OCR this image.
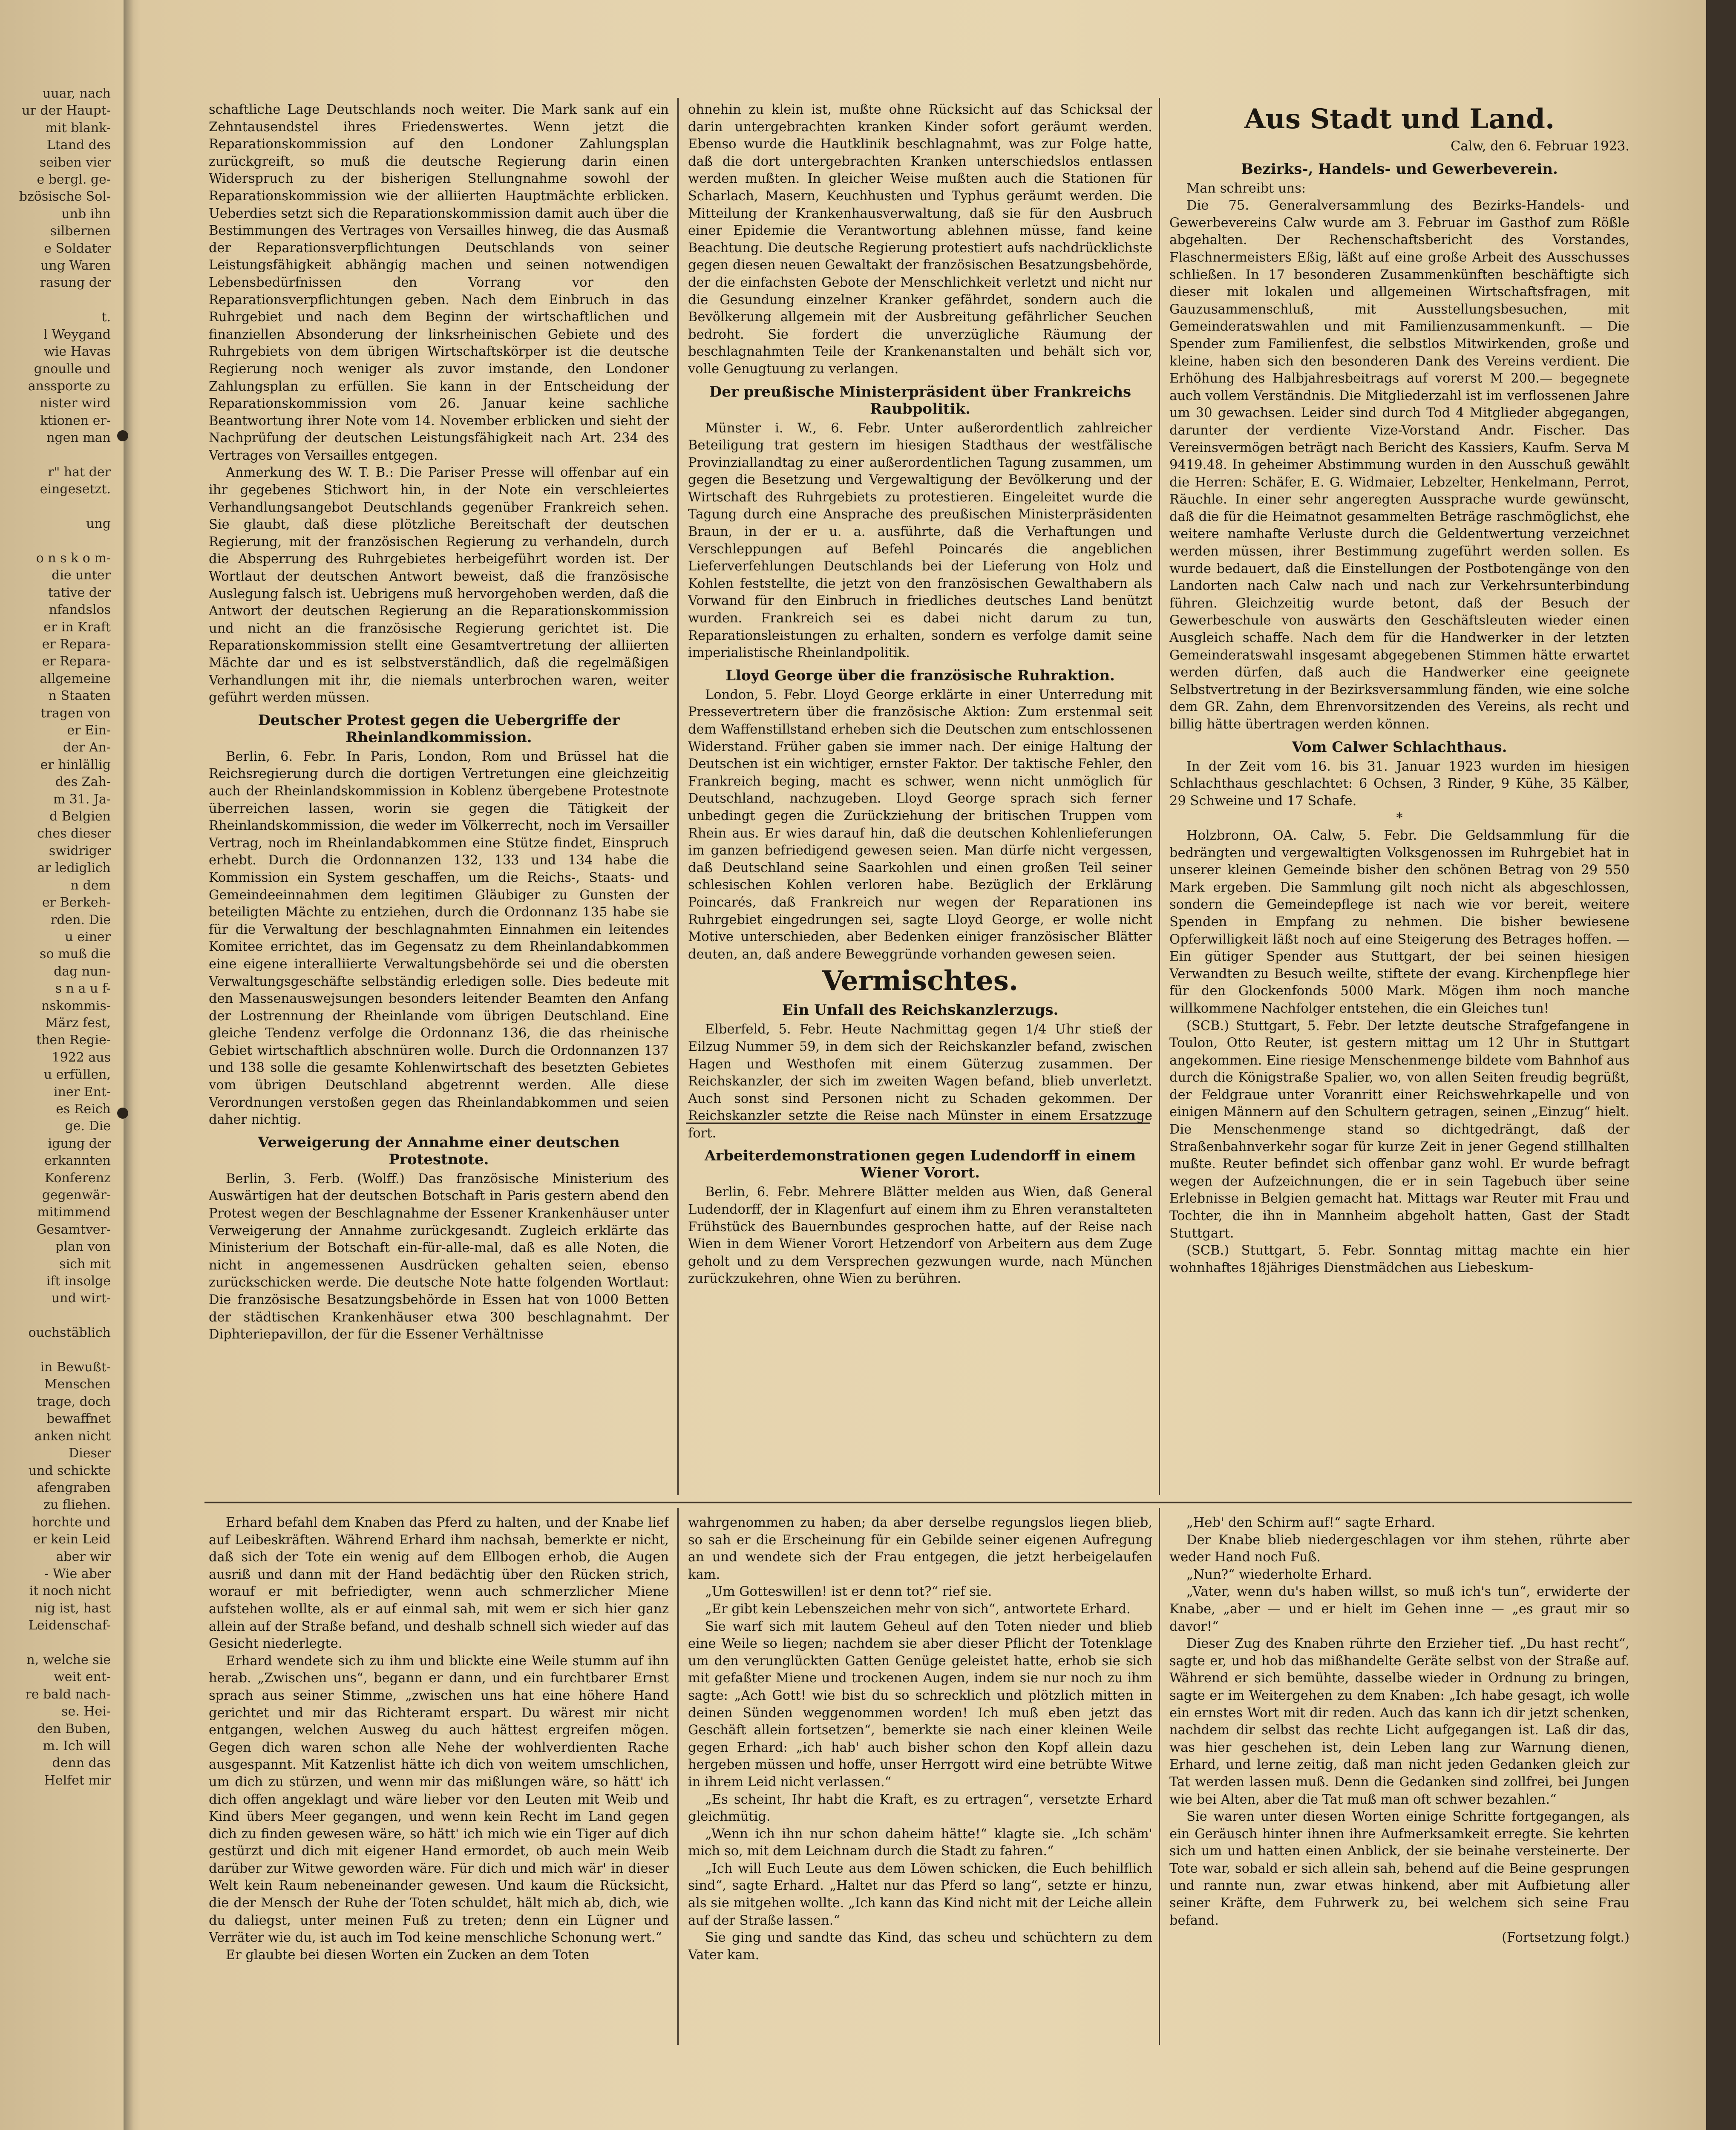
uuar, nach
ur der Haupt-
mit blank-
Ltand des
seiben vier
e bergl. ge-
bzösische Sol-
unb ihn
silbernen
e Soldater
ung Waren
rasung der

t.
l Weygand
wie Havas
gnoulle und
anssporte zu
nister wird
ktionen er-
ngen man

r" hat der
eingesetzt.

ung

o n s k o m-
die unter
tative der
nfandslos
er in Kraft
er Repara-
er Repara-
allgemeine
n Staaten
tragen von
er Ein-
der An-
er hinlällig
des Zah-
m 31. Ja-
d Belgien
ches dieser
swidriger
ar lediglich
n dem
er Berkeh-
rden. Die
u einer
so muß die
dag nun-
s n a u f-
nskommis-
März fest,
then Regie-
1922 aus
u erfüllen,
iner Ent-
es Reich
ge. Die
igung der
erkannten
Konferenz
gegenwär-
mitimmend
Gesamtver-
plan von
sich mit
ift insolge
und wirt-

ouchstäblich

in Bewußt-
Menschen
trage, doch
bewaffnet
anken nicht
Dieser
und schickte
afengraben
zu fliehen.
horchte und
er kein Leid
aber wir
- Wie aber
it noch nicht
nig ist, hast
Leidenschaf-

n, welche sie
weit ent-
re bald nach-
se. Hei-
den Buben,
m. Ich will
denn das
Helfet mir

schaftliche Lage Deutschlands noch weiter. Die Mark sank auf ein Zehntausendstel ihres Friedenswertes. Wenn jetzt die Reparationskommission auf den Londoner Zahlungsplan zurückgreift, so muß die deutsche Regierung darin einen Widerspruch zu der bisherigen Stellungnahme sowohl der Reparationskommission wie der alliierten Hauptmächte erblicken. Ueberdies setzt sich die Reparationskommission damit auch über die Bestimmungen des Vertrages von Versailles hinweg, die das Ausmaß der Reparationsverpflichtungen Deutschlands von seiner Leistungsfähigkeit abhängig machen und seinen notwendigen Lebensbedürfnissen den Vorrang vor den Reparationsverpflichtungen geben. Nach dem Einbruch in das Ruhrgebiet und nach dem Beginn der wirtschaftlichen und finanziellen Absonderung der linksrheinischen Gebiete und des Ruhrgebiets von dem übrigen Wirtschaftskörper ist die deutsche Regierung noch weniger als zuvor imstande, den Londoner Zahlungsplan zu erfüllen. Sie kann in der Entscheidung der Reparationskommission vom 26. Januar keine sachliche Beantwortung ihrer Note vom 14. November erblicken und sieht der Nachprüfung der deutschen Leistungsfähigkeit nach Art. 234 des Vertrages von Versailles entgegen.

Anmerkung des W. T. B.: Die Pariser Presse will offenbar auf ein ihr gegebenes Stichwort hin, in der Note ein verschleiertes Verhandlungsangebot Deutschlands gegenüber Frankreich sehen. Sie glaubt, daß diese plötzliche Bereitschaft der deutschen Regierung, mit der französischen Regierung zu verhandeln, durch die Absperrung des Ruhrgebietes herbeigeführt worden ist. Der Wortlaut der deutschen Antwort beweist, daß die französische Auslegung falsch ist. Uebrigens muß hervorgehoben werden, daß die Antwort der deutschen Regierung an die Reparationskommission und nicht an die französische Regierung gerichtet ist. Die Reparationskommission stellt eine Gesamtvertretung der alliierten Mächte dar und es ist selbstverständlich, daß die regelmäßigen Verhandlungen mit ihr, die niemals unterbrochen waren, weiter geführt werden müssen.

Deutscher Protest gegen die Uebergriffe der Rheinlandkommission.

Berlin, 6. Febr. In Paris, London, Rom und Brüssel hat die Reichsregierung durch die dortigen Vertretungen eine gleichzeitig auch der Rheinlandskommission in Koblenz übergebene Protestnote überreichen lassen, worin sie gegen die Tätigkeit der Rheinlandskommission, die weder im Völkerrecht, noch im Versailler Vertrag, noch im Rheinlandabkommen eine Stütze findet, Einspruch erhebt. Durch die Ordonnanzen 132, 133 und 134 habe die Kommission ein System geschaffen, um die Reichs-, Staats- und Gemeindeeinnahmen dem legitimen Gläubiger zu Gunsten der beteiligten Mächte zu entziehen, durch die Ordonnanz 135 habe sie für die Verwaltung der beschlagnahmten Einnahmen ein leitendes Komitee errichtet, das im Gegensatz zu dem Rheinlandabkommen eine eigene interalliierte Verwaltungsbehörde sei und die obersten Verwaltungsgeschäfte selbständig erledigen solle. Dies bedeute mit den Massenauswejsungen besonders leitender Beamten den Anfang der Lostrennung der Rheinlande vom übrigen Deutschland. Eine gleiche Tendenz verfolge die Ordonnanz 136, die das rheinische Gebiet wirtschaftlich abschnüren wolle. Durch die Ordonnanzen 137 und 138 solle die gesamte Kohlenwirtschaft des besetzten Gebietes vom übrigen Deutschland abgetrennt werden. Alle diese Verordnungen verstoßen gegen das Rheinlandabkommen und seien daher nichtig.

Verweigerung der Annahme einer deutschen Protestnote.

Berlin, 3. Ferb. (Wolff.) Das französische Ministerium des Auswärtigen hat der deutschen Botschaft in Paris gestern abend den Protest wegen der Beschlagnahme der Essener Krankenhäuser unter Verweigerung der Annahme zurückgesandt. Zugleich erklärte das Ministerium der Botschaft ein-für-alle-mal, daß es alle Noten, die nicht in angemessenen Ausdrücken gehalten seien, ebenso zurückschicken werde. Die deutsche Note hatte folgenden Wortlaut: Die französische Besatzungsbehörde in Essen hat von 1000 Betten der städtischen Krankenhäuser etwa 300 beschlagnahmt. Der Diphteriepavillon, der für die Essener Verhältnisse

ohnehin zu klein ist, mußte ohne Rücksicht auf das Schicksal der darin untergebrachten kranken Kinder sofort geräumt werden. Ebenso wurde die Hautklinik beschlagnahmt, was zur Folge hatte, daß die dort untergebrachten Kranken unterschiedslos entlassen werden mußten. In gleicher Weise mußten auch die Stationen für Scharlach, Masern, Keuchhusten und Typhus geräumt werden. Die Mitteilung der Krankenhausverwaltung, daß sie für den Ausbruch einer Epidemie die Verantwortung ablehnen müsse, fand keine Beachtung. Die deutsche Regierung protestiert aufs nachdrücklichste gegen diesen neuen Gewaltakt der französischen Besatzungsbehörde, der die einfachsten Gebote der Menschlichkeit verletzt und nicht nur die Gesundung einzelner Kranker gefährdet, sondern auch die Bevölkerung allgemein mit der Ausbreitung gefährlicher Seuchen bedroht. Sie fordert die unverzügliche Räumung der beschlagnahmten Teile der Krankenanstalten und behält sich vor, volle Genugtuung zu verlangen.

Der preußische Ministerpräsident über Frankreichs Raubpolitik.

Münster i. W., 6. Febr. Unter außerordentlich zahlreicher Beteiligung trat gestern im hiesigen Stadthaus der westfälische Provinziallandtag zu einer außerordentlichen Tagung zusammen, um gegen die Besetzung und Vergewaltigung der Bevölkerung und der Wirtschaft des Ruhrgebiets zu protestieren. Eingeleitet wurde die Tagung durch eine Ansprache des preußischen Ministerpräsidenten Braun, in der er u. a. ausführte, daß die Verhaftungen und Verschleppungen auf Befehl Poincarés die angeblichen Lieferverfehlungen Deutschlands bei der Lieferung von Holz und Kohlen feststellte, die jetzt von den französischen Gewalthabern als Vorwand für den Einbruch in friedliches deutsches Land benützt wurden. Frankreich sei es dabei nicht darum zu tun, Reparationsleistungen zu erhalten, sondern es verfolge damit seine imperialistische Rheinlandpolitik.

Lloyd George über die französische Ruhraktion.

London, 5. Febr. Lloyd George erklärte in einer Unterredung mit Pressevertretern über die französische Aktion: Zum erstenmal seit dem Waffenstillstand erheben sich die Deutschen zum entschlossenen Widerstand. Früher gaben sie immer nach. Der einige Haltung der Deutschen ist ein wichtiger, ernster Faktor. Der taktische Fehler, den Frankreich beging, macht es schwer, wenn nicht unmöglich für Deutschland, nachzugeben. Lloyd George sprach sich ferner unbedingt gegen die Zurückziehung der britischen Truppen vom Rhein aus. Er wies darauf hin, daß die deutschen Kohlenlieferungen im ganzen befriedigend gewesen seien. Man dürfe nicht vergessen, daß Deutschland seine Saarkohlen und einen großen Teil seiner schlesischen Kohlen verloren habe. Bezüglich der Erklärung Poincarés, daß Frankreich nur wegen der Reparationen ins Ruhrgebiet eingedrungen sei, sagte Lloyd George, er wolle nicht Motive unterschieden, aber Bedenken einiger französischer Blätter deuten, an, daß andere Beweggründe vorhanden gewesen seien.

Vermischtes.
Ein Unfall des Reichskanzlerzugs.

Elberfeld, 5. Febr. Heute Nachmittag gegen 1/4 Uhr stieß der Eilzug Nummer 59, in dem sich der Reichskanzler befand, zwischen Hagen und Westhofen mit einem Güterzug zusammen. Der Reichskanzler, der sich im zweiten Wagen befand, blieb unverletzt. Auch sonst sind Personen nicht zu Schaden gekommen. Der Reichskanzler setzte die Reise nach Münster in einem Ersatzzuge fort.

Arbeiterdemonstrationen gegen Ludendorff in einem Wiener Vorort.

Berlin, 6. Febr. Mehrere Blätter melden aus Wien, daß General Ludendorff, der in Klagenfurt auf einem ihm zu Ehren veranstalteten Frühstück des Bauernbundes gesprochen hatte, auf der Reise nach Wien in dem Wiener Vorort Hetzendorf von Arbeitern aus dem Zuge geholt und zu dem Versprechen gezwungen wurde, nach München zurückzukehren, ohne Wien zu berühren.

Aus Stadt und Land.

Calw, den 6. Februar 1923.

Bezirks-, Handels- und Gewerbeverein.

Man schreibt uns:

Die 75. Generalversammlung des Bezirks-Handels- und Gewerbevereins Calw wurde am 3. Februar im Gasthof zum Rößle abgehalten. Der Rechenschaftsbericht des Vorstandes, Flaschnermeisters Eßig, läßt auf eine große Arbeit des Ausschusses schließen. In 17 besonderen Zusammenkünften beschäftigte sich dieser mit lokalen und allgemeinen Wirtschaftsfragen, mit Gauzusammenschluß, mit Ausstellungsbesuchen, mit Gemeinderatswahlen und mit Familienzusammenkunft. — Die Spender zum Familienfest, die selbstlos Mitwirkenden, große und kleine, haben sich den besonderen Dank des Vereins verdient. Die Erhöhung des Halbjahresbeitrags auf vorerst M 200.— begegnete auch vollem Verständnis. Die Mitgliederzahl ist im verflossenen Jahre um 30 gewachsen. Leider sind durch Tod 4 Mitglieder abgegangen, darunter der verdiente Vize-Vorstand Andr. Fischer. Das Vereinsvermögen beträgt nach Bericht des Kassiers, Kaufm. Serva M 9419.48. In geheimer Abstimmung wurden in den Ausschuß gewählt die Herren: Schäfer, E. G. Widmaier, Lebzelter, Henkelmann, Perrot, Räuchle. In einer sehr angeregten Aussprache wurde gewünscht, daß die für die Heimatnot gesammelten Beträge raschmöglichst, ehe weitere namhafte Verluste durch die Geldentwertung verzeichnet werden müssen, ihrer Bestimmung zugeführt werden sollen. Es wurde bedauert, daß die Einstellungen der Postbotengänge von den Landorten nach Calw nach und nach zur Verkehrsunterbindung führen. Gleichzeitig wurde betont, daß der Besuch der Gewerbeschule von auswärts den Geschäftsleuten wieder einen Ausgleich schaffe. Nach dem für die Handwerker in der letzten Gemeinderatswahl insgesamt abgegebenen Stimmen hätte erwartet werden dürfen, daß auch die Handwerker eine geeignete Selbstvertretung in der Bezirksversammlung fänden, wie eine solche dem GR. Zahn, dem Ehrenvorsitzenden des Vereins, als recht und billig hätte übertragen werden können.

Vom Calwer Schlachthaus.

In der Zeit vom 16. bis 31. Januar 1923 wurden im hiesigen Schlachthaus geschlachtet: 6 Ochsen, 3 Rinder, 9 Kühe, 35 Kälber, 29 Schweine und 17 Schafe.

*

Holzbronn, OA. Calw, 5. Febr. Die Geldsammlung für die bedrängten und vergewaltigten Volksgenossen im Ruhrgebiet hat in unserer kleinen Gemeinde bisher den schönen Betrag von 29 550 Mark ergeben. Die Sammlung gilt noch nicht als abgeschlossen, sondern die Gemeindepflege ist nach wie vor bereit, weitere Spenden in Empfang zu nehmen. Die bisher bewiesene Opferwilligkeit läßt noch auf eine Steigerung des Betrages hoffen. — Ein gütiger Spender aus Stuttgart, der bei seinen hiesigen Verwandten zu Besuch weilte, stiftete der evang. Kirchenpflege hier für den Glockenfonds 5000 Mark. Mögen ihm noch manche willkommene Nachfolger entstehen, die ein Gleiches tun!

(SCB.) Stuttgart, 5. Febr. Der letzte deutsche Strafgefangene in Toulon, Otto Reuter, ist gestern mittag um 12 Uhr in Stuttgart angekommen. Eine riesige Menschenmenge bildete vom Bahnhof aus durch die Königstraße Spalier, wo, von allen Seiten freudig begrüßt, der Feldgraue unter Voranritt einer Reichswehrkapelle und von einigen Männern auf den Schultern getragen, seinen „Einzug“ hielt. Die Menschenmenge stand so dichtgedrängt, daß der Straßenbahnverkehr sogar für kurze Zeit in jener Gegend stillhalten mußte. Reuter befindet sich offenbar ganz wohl. Er wurde befragt wegen der Aufzeichnungen, die er in sein Tagebuch über seine Erlebnisse in Belgien gemacht hat. Mittags war Reuter mit Frau und Tochter, die ihn in Mannheim abgeholt hatten, Gast der Stadt Stuttgart.

(SCB.) Stuttgart, 5. Febr. Sonntag mittag machte ein hier wohnhaftes 18jähriges Dienstmädchen aus Liebeskum-

Erhard befahl dem Knaben das Pferd zu halten, und der Knabe lief auf Leibeskräften. Während Erhard ihm nachsah, bemerkte er nicht, daß sich der Tote ein wenig auf dem Ellbogen erhob, die Augen ausriß und dann mit der Hand bedächtig über den Rücken strich, worauf er mit befriedigter, wenn auch schmerzlicher Miene aufstehen wollte, als er auf einmal sah, mit wem er sich hier ganz allein auf der Straße befand, und deshalb schnell sich wieder auf das Gesicht niederlegte.

Erhard wendete sich zu ihm und blickte eine Weile stumm auf ihn herab. „Zwischen uns“, begann er dann, und ein furchtbarer Ernst sprach aus seiner Stimme, „zwischen uns hat eine höhere Hand gerichtet und mir das Richteramt erspart. Du wärest mir nicht entgangen, welchen Ausweg du auch hättest ergreifen mögen. Gegen dich waren schon alle Nehe der wohlverdienten Rache ausgespannt. Mit Katzenlist hätte ich dich von weitem umschlichen, um dich zu stürzen, und wenn mir das mißlungen wäre, so hätt' ich dich offen angeklagt und wäre lieber vor den Leuten mit Weib und Kind übers Meer gegangen, und wenn kein Recht im Land gegen dich zu finden gewesen wäre, so hätt' ich mich wie ein Tiger auf dich gestürzt und dich mit eigener Hand ermordet, ob auch mein Weib darüber zur Witwe geworden wäre. Für dich und mich wär' in dieser Welt kein Raum nebeneinander gewesen. Und kaum die Rücksicht, die der Mensch der Ruhe der Toten schuldet, hält mich ab, dich, wie du daliegst, unter meinen Fuß zu treten; denn ein Lügner und Verräter wie du, ist auch im Tod keine menschliche Schonung wert.“

Er glaubte bei diesen Worten ein Zucken an dem Toten

wahrgenommen zu haben; da aber derselbe regungslos liegen blieb, so sah er die Erscheinung für ein Gebilde seiner eigenen Aufregung an und wendete sich der Frau entgegen, die jetzt herbeigelaufen kam.

„Um Gotteswillen! ist er denn tot?“ rief sie.

„Er gibt kein Lebenszeichen mehr von sich“, antwortete Erhard.

Sie warf sich mit lautem Geheul auf den Toten nieder und blieb eine Weile so liegen; nachdem sie aber dieser Pflicht der Totenklage um den verunglückten Gatten Genüge geleistet hatte, erhob sie sich mit gefaßter Miene und trockenen Augen, indem sie nur noch zu ihm sagte: „Ach Gott! wie bist du so schrecklich und plötzlich mitten in deinen Sünden weggenommen worden! Ich muß eben jetzt das Geschäft allein fortsetzen“, bemerkte sie nach einer kleinen Weile gegen Erhard: „ich hab' auch bisher schon den Kopf allein dazu hergeben müssen und hoffe, unser Herrgott wird eine betrübte Witwe in ihrem Leid nicht verlassen.“

„Es scheint, Ihr habt die Kraft, es zu ertragen“, versetzte Erhard gleichmütig.

„Wenn ich ihn nur schon daheim hätte!“ klagte sie. „Ich schäm' mich so, mit dem Leichnam durch die Stadt zu fahren.“

„Ich will Euch Leute aus dem Löwen schicken, die Euch behilflich sind“, sagte Erhard. „Haltet nur das Pferd so lang“, setzte er hinzu, als sie mitgehen wollte. „Ich kann das Kind nicht mit der Leiche allein auf der Straße lassen.“

Sie ging und sandte das Kind, das scheu und schüchtern zu dem Vater kam.

„Heb' den Schirm auf!“ sagte Erhard.

Der Knabe blieb niedergeschlagen vor ihm stehen, rührte aber weder Hand noch Fuß.

„Nun?“ wiederholte Erhard.

„Vater, wenn du's haben willst, so muß ich's tun“, erwiderte der Knabe, „aber — und er hielt im Gehen inne — „es graut mir so davor!“

Dieser Zug des Knaben rührte den Erzieher tief. „Du hast recht“, sagte er, und hob das mißhandelte Geräte selbst von der Straße auf. Während er sich bemühte, dasselbe wieder in Ordnung zu bringen, sagte er im Weitergehen zu dem Knaben: „Ich habe gesagt, ich wolle ein ernstes Wort mit dir reden. Auch das kann ich dir jetzt schenken, nachdem dir selbst das rechte Licht aufgegangen ist. Laß dir das, was hier geschehen ist, dein Leben lang zur Warnung dienen, Erhard, und lerne zeitig, daß man nicht jeden Gedanken gleich zur Tat werden lassen muß. Denn die Gedanken sind zollfrei, bei Jungen wie bei Alten, aber die Tat muß man oft schwer bezahlen.“

Sie waren unter diesen Worten einige Schritte fortgegangen, als ein Geräusch hinter ihnen ihre Aufmerksamkeit erregte. Sie kehrten sich um und hatten einen Anblick, der sie beinahe versteinerte. Der Tote war, sobald er sich allein sah, behend auf die Beine gesprungen und rannte nun, zwar etwas hinkend, aber mit Aufbietung aller seiner Kräfte, dem Fuhrwerk zu, bei welchem sich seine Frau befand.

(Fortsetzung folgt.)
